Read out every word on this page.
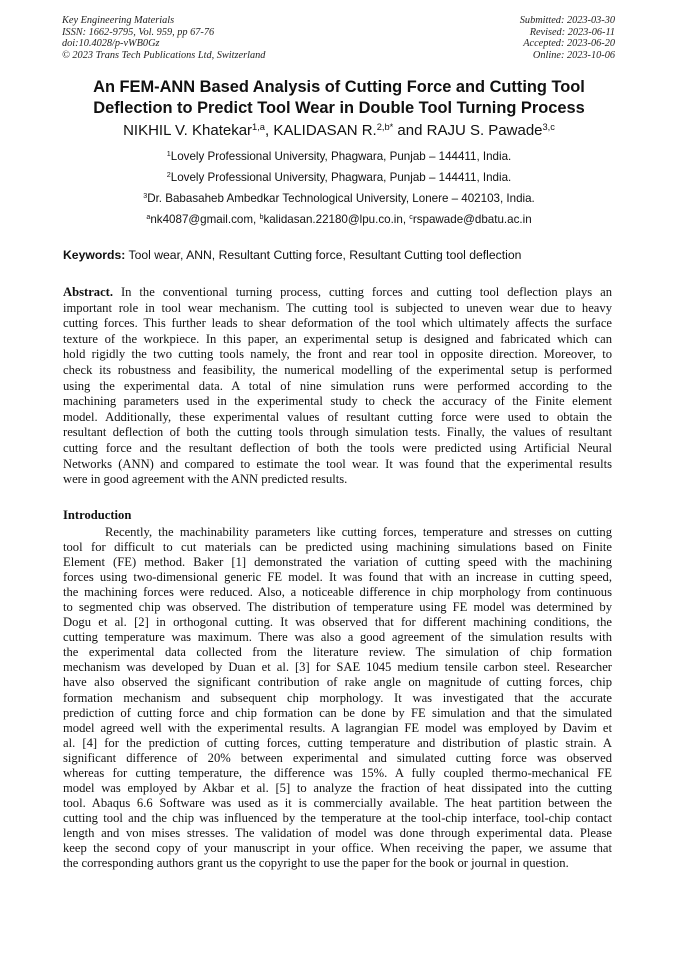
Key Engineering Materials
ISSN: 1662-9795, Vol. 959, pp 67-76
doi:10.4028/p-vWB0Gz
© 2023 Trans Tech Publications Ltd, Switzerland
Submitted: 2023-03-30
Revised: 2023-06-11
Accepted: 2023-06-20
Online: 2023-10-06
An FEM-ANN Based Analysis of Cutting Force and Cutting Tool
Deflection to Predict Tool Wear in Double Tool Turning Process
NIKHIL V. Khatekar$^{1,a}$, KALIDASAN R.$^{2,b*}$ and RAJU S. Pawade$^{3,c}$
$^1$Lovely Professional University, Phagwara, Punjab – 144411, India.
$^2$Lovely Professional University, Phagwara, Punjab – 144411, India.
$^3$Dr. Babasaheb Ambedkar Technological University, Lonere – 402103, India.
$^a$nk4087@gmail.com, $^b$kalidasan.22180@lpu.co.in, $^c$rspawade@dbatu.ac.in
Keywords: Tool wear, ANN, Resultant Cutting force, Resultant Cutting tool deflection
Abstract. In the conventional turning process, cutting forces and cutting tool deflection plays an
important role in tool wear mechanism. The cutting tool is subjected to uneven wear due to heavy
cutting forces. This further leads to shear deformation of the tool which ultimately affects the surface
texture of the workpiece. In this paper, an experimental setup is designed and fabricated which can
hold rigidly the two cutting tools namely, the front and rear tool in opposite direction. Moreover, to
check its robustness and feasibility, the numerical modelling of the experimental setup is performed
using the experimental data. A total of nine simulation runs were performed according to the
machining parameters used in the experimental study to check the accuracy of the Finite element
model. Additionally, these experimental values of resultant cutting force were used to obtain the
resultant deflection of both the cutting tools through simulation tests. Finally, the values of resultant
cutting force and the resultant deflection of both the tools were predicted using Artificial Neural
Networks (ANN) and compared to estimate the tool wear. It was found that the experimental results
were in good agreement with the ANN predicted results.
Introduction
Recently, the machinability parameters like cutting forces, temperature and stresses on cutting
tool for difficult to cut materials can be predicted using machining simulations based on Finite
Element (FE) method. Baker [1] demonstrated the variation of cutting speed with the machining
forces using two-dimensional generic FE model. It was found that with an increase in cutting speed,
the machining forces were reduced. Also, a noticeable difference in chip morphology from continuous
to segmented chip was observed. The distribution of temperature using FE model was determined by
Dogu et al. [2] in orthogonal cutting. It was observed that for different machining conditions, the
cutting temperature was maximum. There was also a good agreement of the simulation results with
the experimental data collected from the literature review. The simulation of chip formation
mechanism was developed by Duan et al. [3] for SAE 1045 medium tensile carbon steel. Researcher
have also observed the significant contribution of rake angle on magnitude of cutting forces, chip
formation mechanism and subsequent chip morphology. It was investigated that the accurate
prediction of cutting force and chip formation can be done by FE simulation and that the simulated
model agreed well with the experimental results. A lagrangian FE model was employed by Davim et
al. [4] for the prediction of cutting forces, cutting temperature and distribution of plastic strain. A
significant difference of 20% between experimental and simulated cutting force was observed
whereas for cutting temperature, the difference was 15%. A fully coupled thermo-mechanical FE
model was employed by Akbar et al. [5] to analyze the fraction of heat dissipated into the cutting
tool. Abaqus 6.6 Software was used as it is commercially available. The heat partition between the
cutting tool and the chip was influenced by the temperature at the tool-chip interface, tool-chip contact
length and von mises stresses. The validation of model was done through experimental data. Please
keep the second copy of your manuscript in your office. When receiving the paper, we assume that
the corresponding authors grant us the copyright to use the paper for the book or journal in question.
